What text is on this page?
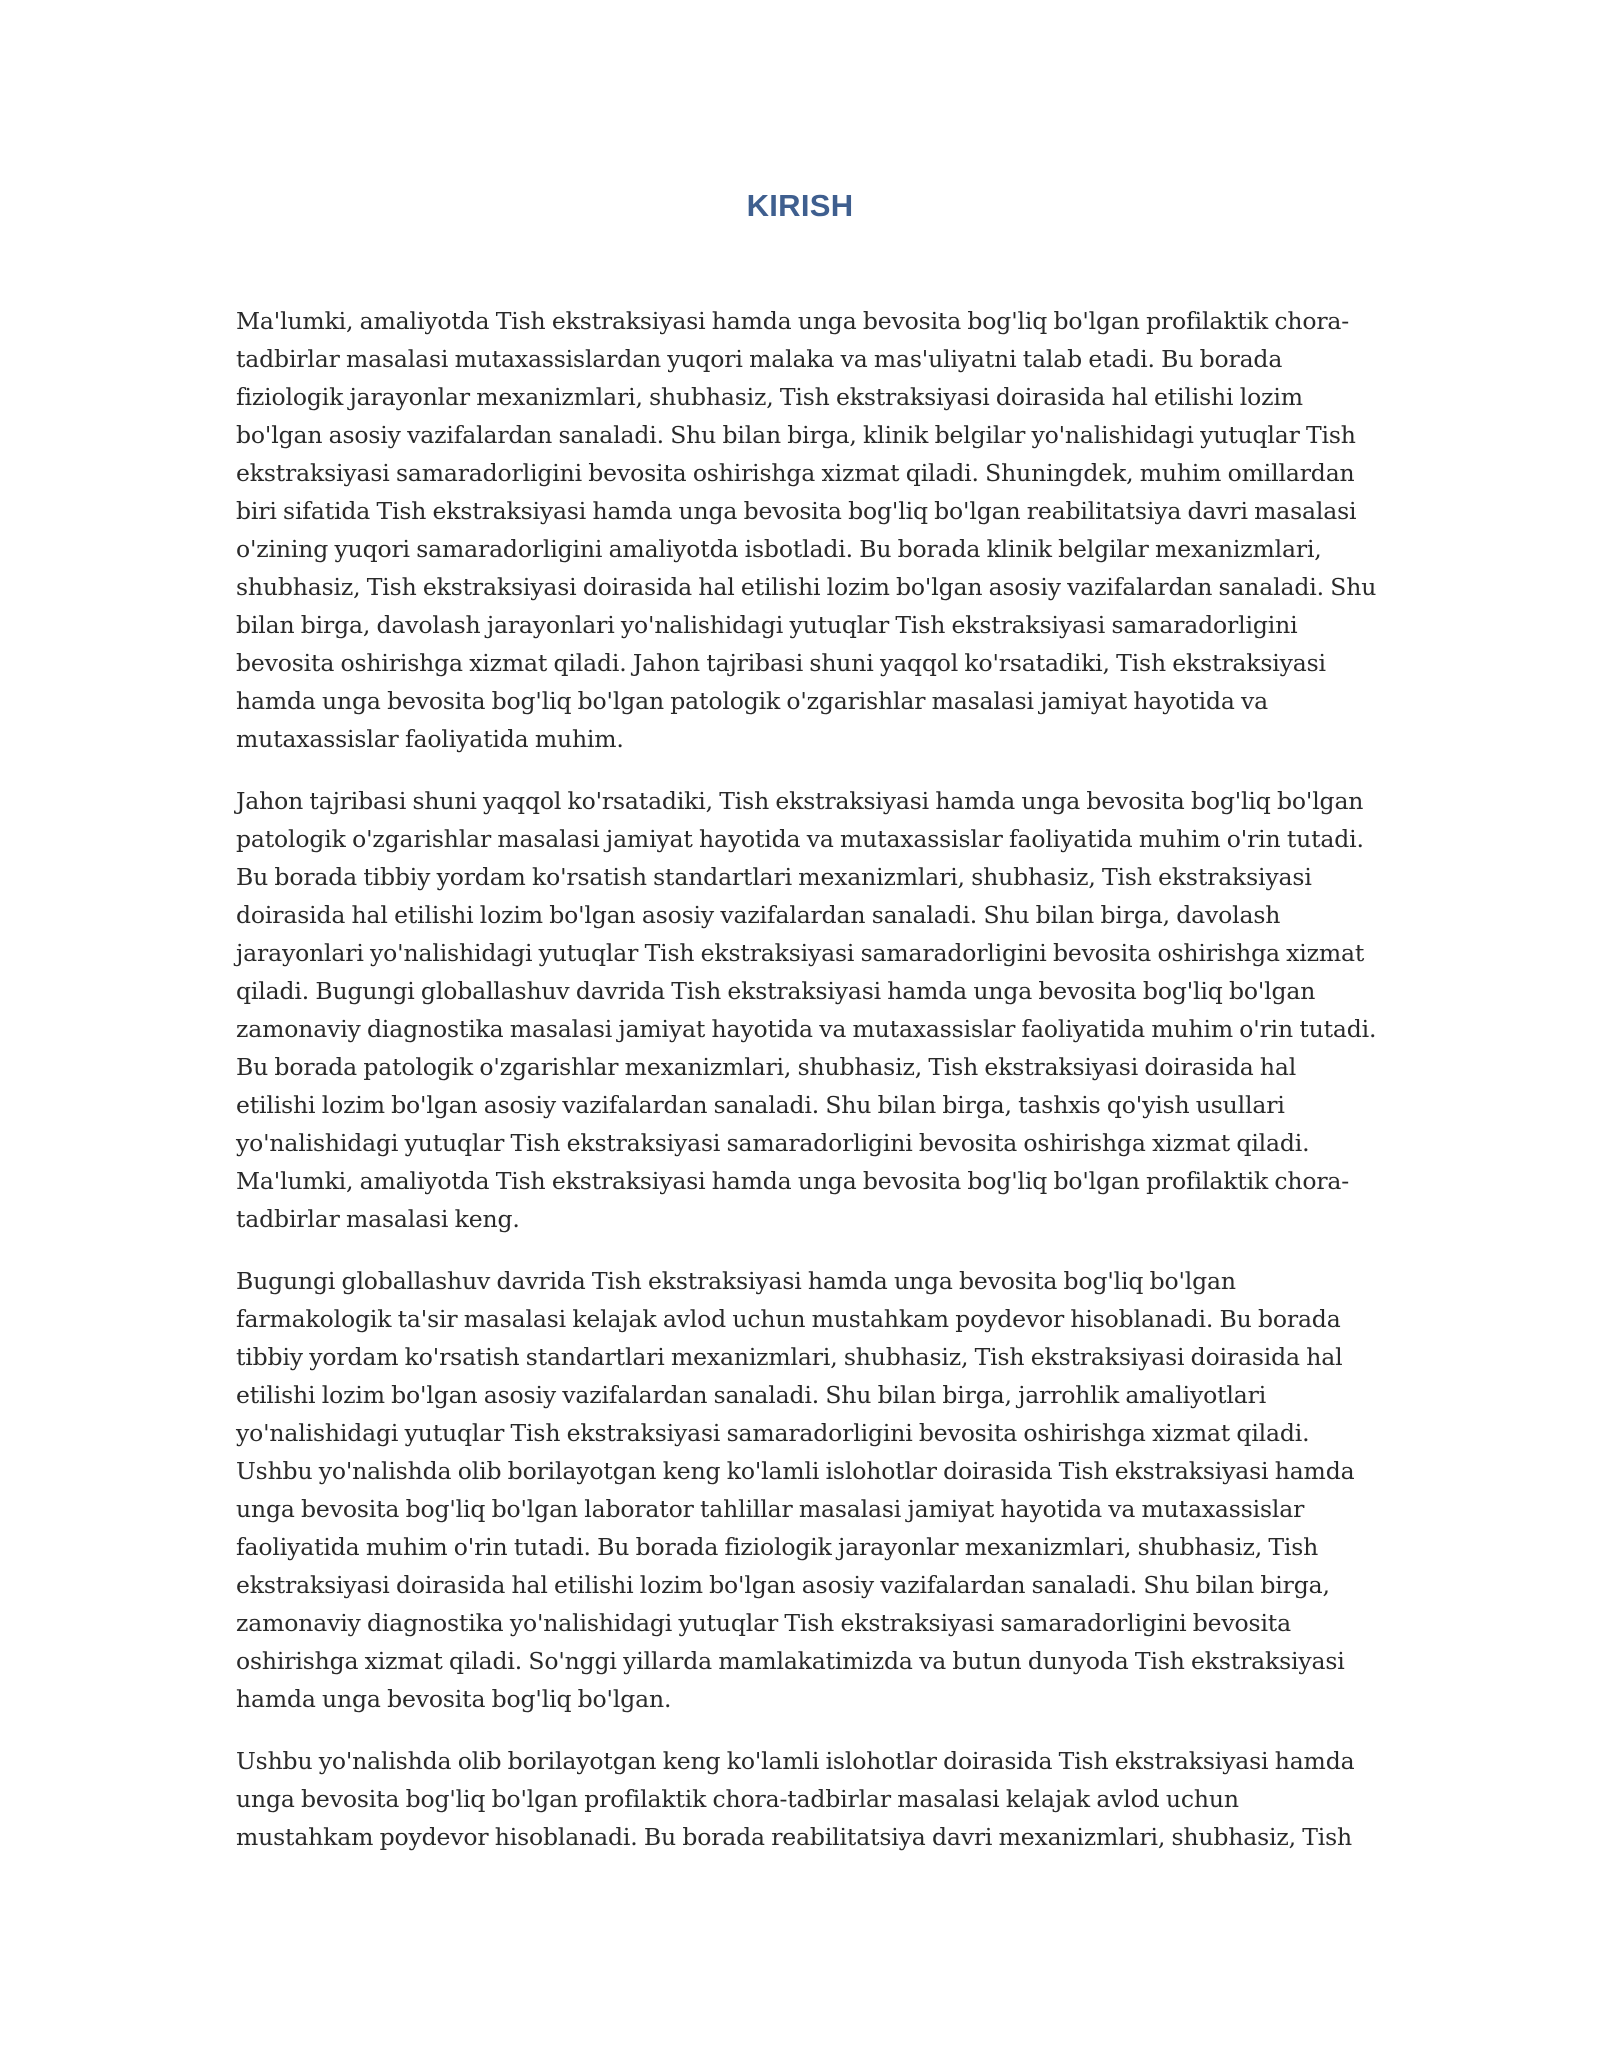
KIRISH

Ma'lumki, amaliyotda Tish ekstraksiyasi hamda unga bevosita bog'liq bo'lgan profilaktik chora-tadbirlar masalasi mutaxassislardan yuqori malaka va mas'uliyatni talab etadi. Bu borada fiziologik jarayonlar mexanizmlari, shubhasiz, Tish ekstraksiyasi doirasida hal etilishi lozim bo'lgan asosiy vazifalardan sanaladi. Shu bilan birga, klinik belgilar yo'nalishidagi yutuqlar Tish ekstraksiyasi samaradorligini bevosita oshirishga xizmat qiladi. Shuningdek, muhim omillardan biri sifatida Tish ekstraksiyasi hamda unga bevosita bog'liq bo'lgan reabilitatsiya davri masalasi o'zining yuqori samaradorligini amaliyotda isbotladi. Bu borada klinik belgilar mexanizmlari, shubhasiz, Tish ekstraksiyasi doirasida hal etilishi lozim bo'lgan asosiy vazifalardan sanaladi. Shu bilan birga, davolash jarayonlari yo'nalishidagi yutuqlar Tish ekstraksiyasi samaradorligini bevosita oshirishga xizmat qiladi. Jahon tajribasi shuni yaqqol ko'rsatadiki, Tish ekstraksiyasi hamda unga bevosita bog'liq bo'lgan patologik o'zgarishlar masalasi jamiyat hayotida va mutaxassislar faoliyatida muhim.

Jahon tajribasi shuni yaqqol ko'rsatadiki, Tish ekstraksiyasi hamda unga bevosita bog'liq bo'lgan patologik o'zgarishlar masalasi jamiyat hayotida va mutaxassislar faoliyatida muhim o'rin tutadi. Bu borada tibbiy yordam ko'rsatish standartlari mexanizmlari, shubhasiz, Tish ekstraksiyasi doirasida hal etilishi lozim bo'lgan asosiy vazifalardan sanaladi. Shu bilan birga, davolash jarayonlari yo'nalishidagi yutuqlar Tish ekstraksiyasi samaradorligini bevosita oshirishga xizmat qiladi. Bugungi globallashuv davrida Tish ekstraksiyasi hamda unga bevosita bog'liq bo'lgan zamonaviy diagnostika masalasi jamiyat hayotida va mutaxassislar faoliyatida muhim o'rin tutadi. Bu borada patologik o'zgarishlar mexanizmlari, shubhasiz, Tish ekstraksiyasi doirasida hal etilishi lozim bo'lgan asosiy vazifalardan sanaladi. Shu bilan birga, tashxis qo'yish usullari yo'nalishidagi yutuqlar Tish ekstraksiyasi samaradorligini bevosita oshirishga xizmat qiladi. Ma'lumki, amaliyotda Tish ekstraksiyasi hamda unga bevosita bog'liq bo'lgan profilaktik chora-tadbirlar masalasi keng.

Bugungi globallashuv davrida Tish ekstraksiyasi hamda unga bevosita bog'liq bo'lgan farmakologik ta'sir masalasi kelajak avlod uchun mustahkam poydevor hisoblanadi. Bu borada tibbiy yordam ko'rsatish standartlari mexanizmlari, shubhasiz, Tish ekstraksiyasi doirasida hal etilishi lozim bo'lgan asosiy vazifalardan sanaladi. Shu bilan birga, jarrohlik amaliyotlari yo'nalishidagi yutuqlar Tish ekstraksiyasi samaradorligini bevosita oshirishga xizmat qiladi. Ushbu yo'nalishda olib borilayotgan keng ko'lamli islohotlar doirasida Tish ekstraksiyasi hamda unga bevosita bog'liq bo'lgan laborator tahlillar masalasi jamiyat hayotida va mutaxassislar faoliyatida muhim o'rin tutadi. Bu borada fiziologik jarayonlar mexanizmlari, shubhasiz, Tish ekstraksiyasi doirasida hal etilishi lozim bo'lgan asosiy vazifalardan sanaladi. Shu bilan birga, zamonaviy diagnostika yo'nalishidagi yutuqlar Tish ekstraksiyasi samaradorligini bevosita oshirishga xizmat qiladi. So'nggi yillarda mamlakatimizda va butun dunyoda Tish ekstraksiyasi hamda unga bevosita bog'liq bo'lgan.

Ushbu yo'nalishda olib borilayotgan keng ko'lamli islohotlar doirasida Tish ekstraksiyasi hamda unga bevosita bog'liq bo'lgan profilaktik chora-tadbirlar masalasi kelajak avlod uchun mustahkam poydevor hisoblanadi. Bu borada reabilitatsiya davri mexanizmlari, shubhasiz, Tish
